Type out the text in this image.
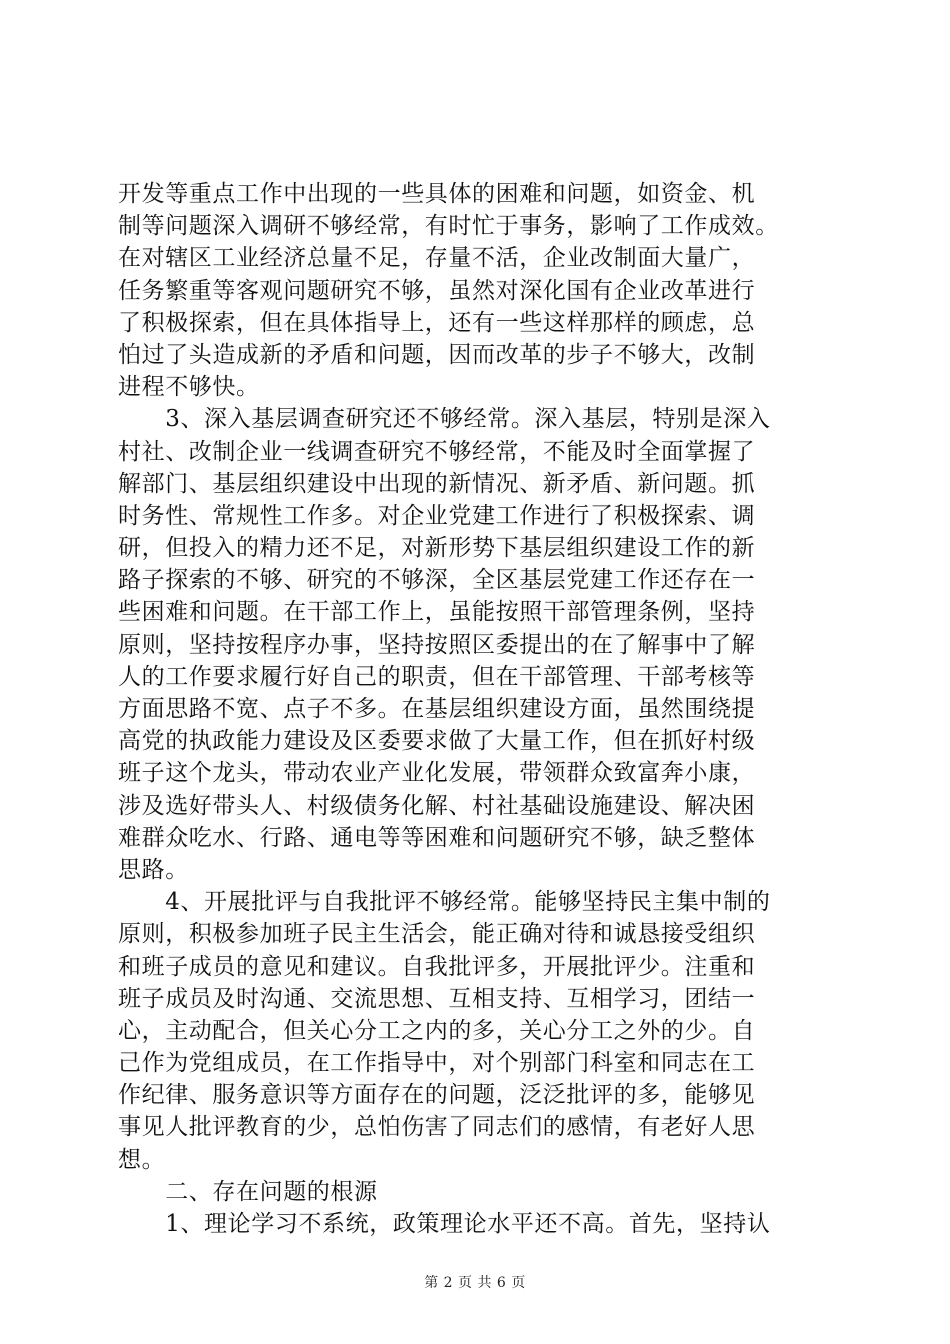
开发等重点工作中出现的一些具体的困难和问题，如资金、机
制等问题深入调研不够经常，有时忙于事务，影响了工作成效。
在对辖区工业经济总量不足，存量不活，企业改制面大量广，
任务繁重等客观问题研究不够，虽然对深化国有企业改革进行
了积极探索，但在具体指导上，还有一些这样那样的顾虑，总
怕过了头造成新的矛盾和问题，因而改革的步子不够大，改制
进程不够快。
　　3、深入基层调查研究还不够经常。深入基层，特别是深入
村社、改制企业一线调查研究不够经常，不能及时全面掌握了
解部门、基层组织建设中出现的新情况、新矛盾、新问题。抓
时务性、常规性工作多。对企业党建工作进行了积极探索、调
研，但投入的精力还不足，对新形势下基层组织建设工作的新
路子探索的不够、研究的不够深，全区基层党建工作还存在一
些困难和问题。在干部工作上，虽能按照干部管理条例，坚持
原则，坚持按程序办事，坚持按照区委提出的在了解事中了解
人的工作要求履行好自己的职责，但在干部管理、干部考核等
方面思路不宽、点子不多。在基层组织建设方面，虽然围绕提
高党的执政能力建设及区委要求做了大量工作，但在抓好村级
班子这个龙头，带动农业产业化发展，带领群众致富奔小康，
涉及选好带头人、村级债务化解、村社基础设施建设、解决困
难群众吃水、行路、通电等等困难和问题研究不够，缺乏整体
思路。
　　4、开展批评与自我批评不够经常。能够坚持民主集中制的
原则，积极参加班子民主生活会，能正确对待和诚恳接受组织
和班子成员的意见和建议。自我批评多，开展批评少。注重和
班子成员及时沟通、交流思想、互相支持、互相学习，团结一
心，主动配合，但关心分工之内的多，关心分工之外的少。自
己作为党组成员，在工作指导中，对个别部门科室和同志在工
作纪律、服务意识等方面存在的问题，泛泛批评的多，能够见
事见人批评教育的少，总怕伤害了同志们的感情，有老好人思
想。
　　二、存在问题的根源
　　1、理论学习不系统，政策理论水平还不高。首先，坚持认
第 2 页 共 6 页
